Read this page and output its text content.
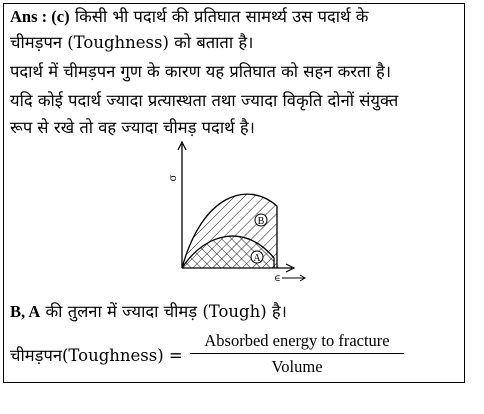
Ans : (c) किसी भी पदार्थ की प्रतिघात सामर्थ्य उस पदार्थ के
चीमड़पन (Toughness) को बताता है।
पदार्थ में चीमड़पन गुण के कारण यह प्रतिघात को सहन करता है।
यदि कोई पदार्थ ज्यादा प्रत्यास्थता तथा ज्यादा विकृति दोनों संयुक्त
रूप से रखे तो वह ज्यादा चीमड़ पदार्थ है।
σ
∈
B
A
B, A की तुलना में ज्यादा चीमड़ (Tough) है।
चीमड़पन(Toughness) =
Absorbed energy to fracture
Volume
